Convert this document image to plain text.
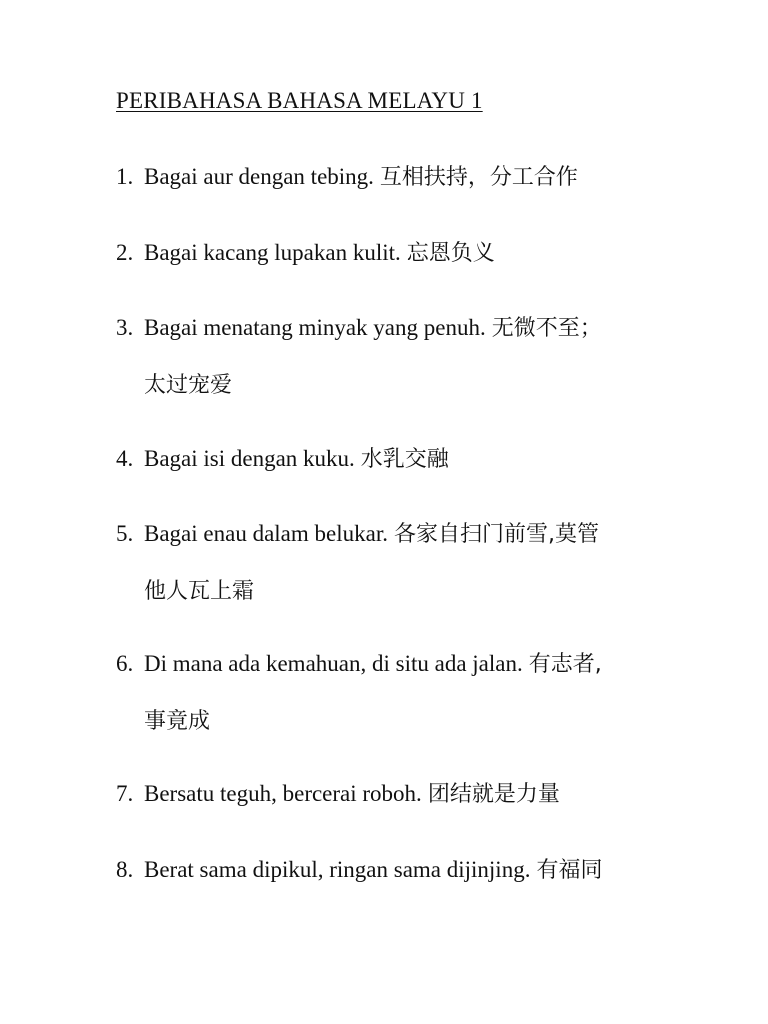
PERIBAHASA BAHASA MELAYU 1
1. Bagai aur dengan tebing. 互相扶持，分工合作
2. Bagai kacang lupakan kulit. 忘恩负义
3. Bagai menatang minyak yang penuh. 无微不至；
太过宠爱
4. Bagai isi dengan kuku. 水乳交融
5. Bagai enau dalam belukar. 各家自扫门前雪,莫管
他人瓦上霜
6. Di mana ada kemahuan, di situ ada jalan. 有志者,
事竟成
7. Bersatu teguh, bercerai roboh. 团结就是力量
8. Berat sama dipikul, ringan sama dijinjing. 有福同
